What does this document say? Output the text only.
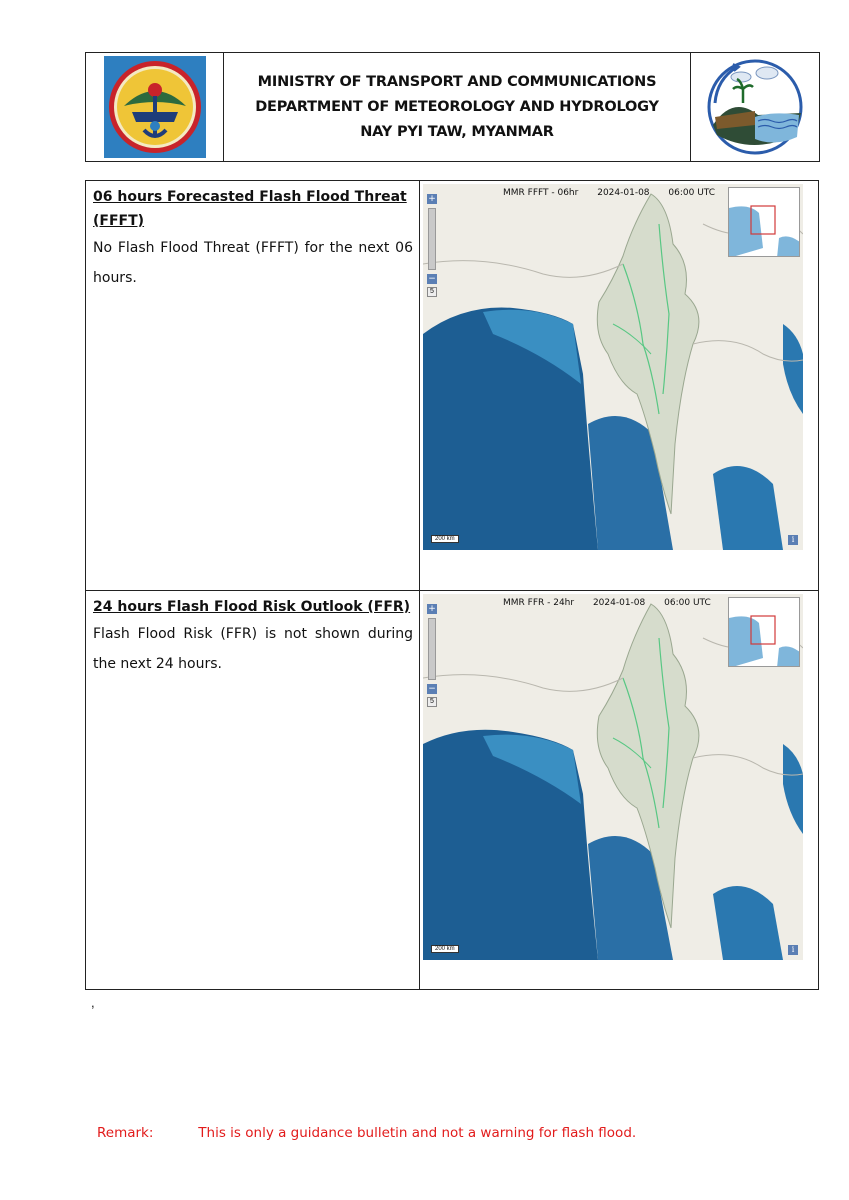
MINISTRY OF TRANSPORT AND COMMUNICATIONS
DEPARTMENT OF METEOROLOGY AND HYDROLOGY
NAY PYI TAW, MYANMAR
06 hours Forecasted Flash Flood Threat
(FFFT)
No Flash Flood Threat (FFFT) for the next 06 hours.
MMR FFFT - 06hr 2024-01-08 06:00 UTC
+
−
5
200 km	i
24 hours Flash Flood Risk Outlook (FFR)
Flash Flood Risk (FFR) is not shown during the next 24 hours.
MMR FFR - 24hr 2024-01-08 06:00 UTC
+
−
5
200 km	i
,
Remark:	This is only a guidance bulletin and not a warning for flash flood.
